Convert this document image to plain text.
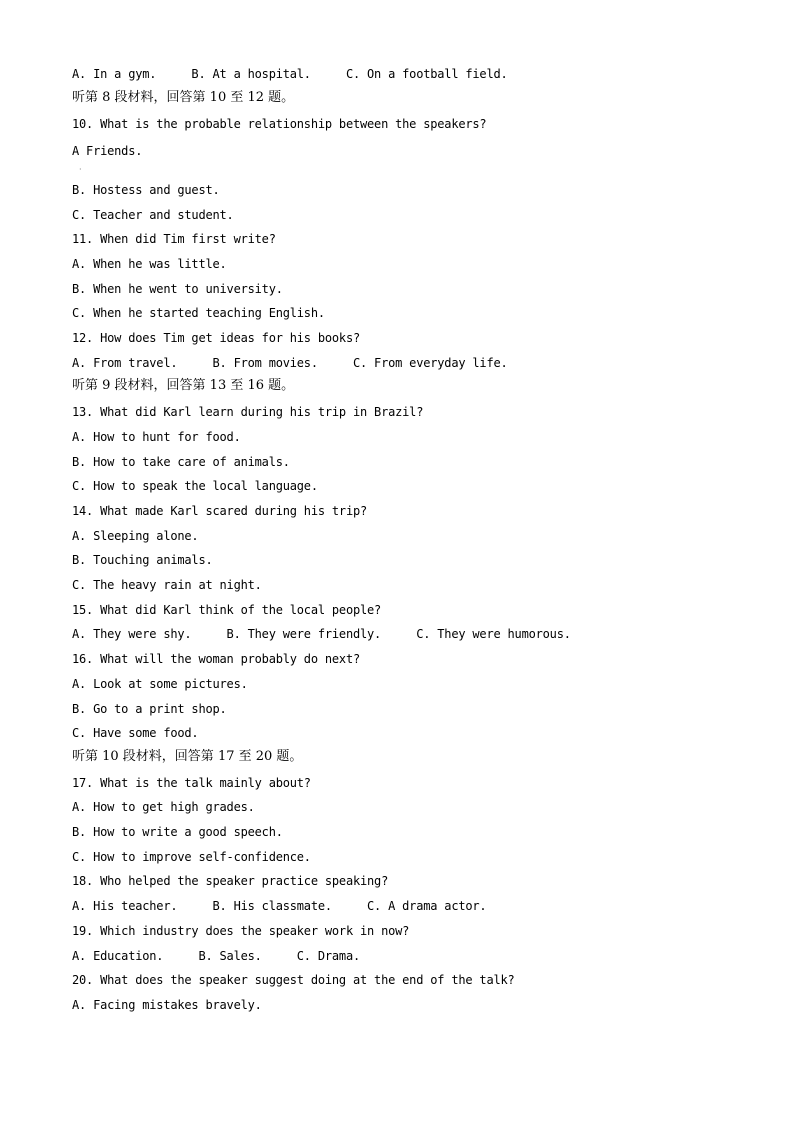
A. In a gym.     B. At a hospital.     C. On a football field.
听第 8 段材料，回答第 10 至 12 题。
10. What is the probable relationship between the speakers?
A Friends.
·
B. Hostess and guest.
C. Teacher and student.
11. When did Tim first write?
A. When he was little.
B. When he went to university.
C. When he started teaching English.
12. How does Tim get ideas for his books?
A. From travel.     B. From movies.     C. From everyday life.
听第 9 段材料，回答第 13 至 16 题。
13. What did Karl learn during his trip in Brazil?
A. How to hunt for food.
B. How to take care of animals.
C. How to speak the local language.
14. What made Karl scared during his trip?
A. Sleeping alone.
B. Touching animals.
C. The heavy rain at night.
15. What did Karl think of the local people?
A. They were shy.     B. They were friendly.     C. They were humorous.
16. What will the woman probably do next?
A. Look at some pictures.
B. Go to a print shop.
C. Have some food.
听第 10 段材料，回答第 17 至 20 题。
17. What is the talk mainly about?
A. How to get high grades.
B. How to write a good speech.
C. How to improve self-confidence.
18. Who helped the speaker practice speaking?
A. His teacher.     B. His classmate.     C. A drama actor.
19. Which industry does the speaker work in now?
A. Education.     B. Sales.     C. Drama.
20. What does the speaker suggest doing at the end of the talk?
A. Facing mistakes bravely.
